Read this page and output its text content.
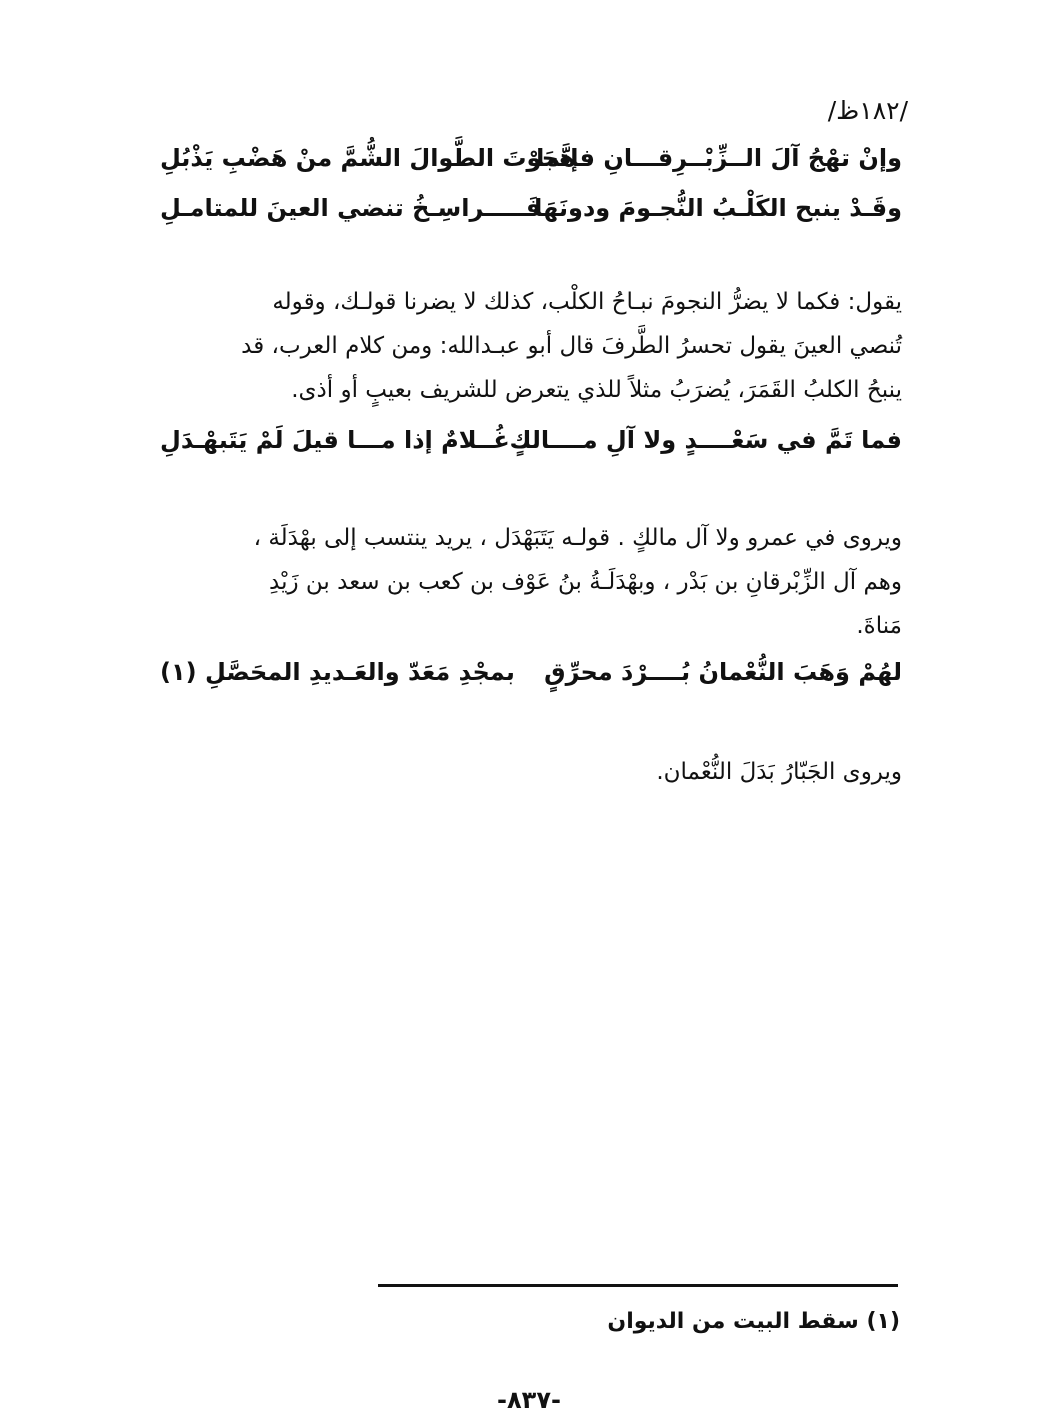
/١٨٢ظ/
وإنْ تهْجُ آلَ الــزِّبْــرِقـــانِ فإنَّما
هَجَوْتَ الطَّوالَ الشُّمَّ منْ هَضْبِ يَذْبُلِ
وقَـدْ ينبح الكَلْـبُ النُّجـومَ ودونَهَا
فَـــــراسِـخُ تنضي العينَ للمتامـلِ

يقول: فكما لا يضرُّ النجومَ نبـاحُ الكلْب، كذلك لا يضرنا قولـك، وقوله

تُنصي العينَ يقول تحسرُ الطَّرفَ قال أبو عبـدالله: ومن كلام العرب، قد

ينبحُ الكلبُ القَمَرَ، يُضرَبُ مثلاً للذي يتعرض للشريف بعيبٍ أو أذى.

فما تَمَّ في سَعْــــدٍ ولا آلِ مــــالكٍ
غُــلامٌ إذا مـــا قيلَ لَمْ يَتَبهْـدَلِ

ويروى في عمرو ولا آل مالكٍ . قولـه يَتَبَهْدَل ، يريد ينتسب إلى بهْدَلَة ،

وهم آل الزِّبْرقانِ بن بَدْر ، وبهْدَلَـةُ بنُ عَوْف بن كعب بن سعد بن زَيْدِ

مَناةَ.

لهُمْ وَهَبَ النُّعْمانُ بُــــرْدَ محرِّقٍ
بمجْدِ مَعَدّ والعَـديدِ المحَصَّلِ (١)

ويروى الجَبّارُ بَدَلَ النُّعْمان.

(١) سقط البيت من الديوان
-٨٣٧-
